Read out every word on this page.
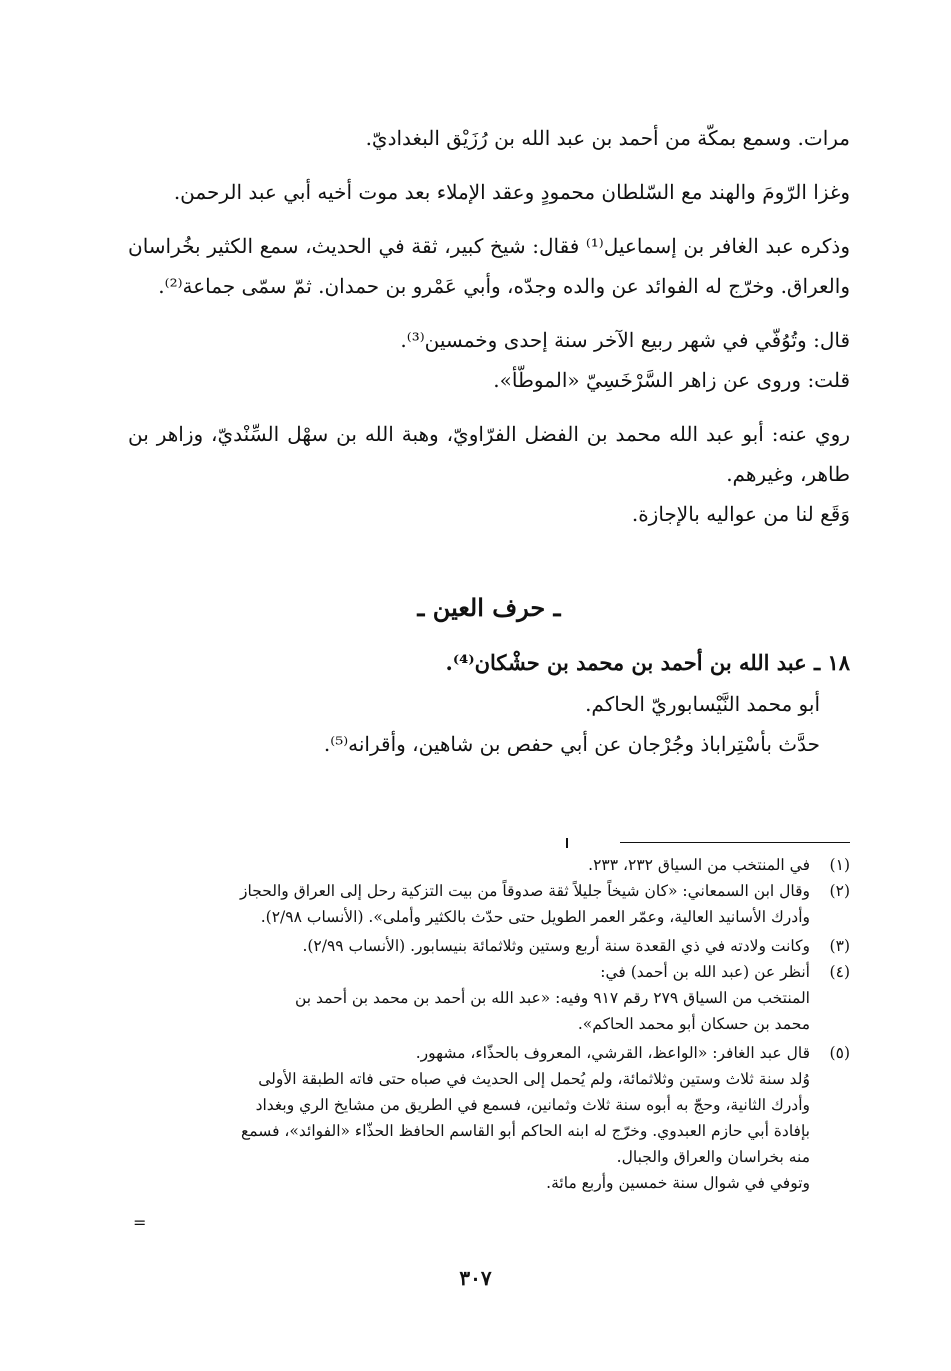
مرات. وسمع بمكّة من أحمد بن عبد الله بن رُزَيْق البغداديّ.

وغزا الرّومَ والهند مع السّلطان محمودٍ وعقد الإملاء بعد موت أخيه أبي عبد الرحمن.

وذكره عبد الغافر بن إسماعيل⁽¹⁾ فقال: شيخ كبير، ثقة في الحديث، سمع الكثير بخُراسان والعراق. وخرّج له الفوائد عن والده وجدّه، وأبي عَمْرو بن حمدان. ثمّ سمّى جماعة⁽²⁾.

قال: وتُوُفّي في شهر ربيع الآخر سنة إحدى وخمسين⁽³⁾.

قلت: وروى عن زاهر السَّرْخَسِيّ «الموطّأ».

روي عنه: أبو عبد الله محمد بن الفضل الفرّاويّ، وهبة الله بن سهْل السِّنْديّ، وزاهر بن طاهر، وغيرهم.

وَقَع لنا من عواليه بالإجازة.

ـ حرف العين ـ

١٨ ـ عبد الله بن أحمد بن محمد بن حشْكان⁽⁴⁾.

أبو محمد النَّيْسابوريّ الحاكم.

حدَّث بأسْتِراباذ وجُرْجان عن أبي حفص بن شاهين، وأقرانه⁽⁵⁾.

(١)
في المنتخب من السياق ٢٣٢، ٢٣٣.
(٢)
وقال ابن السمعاني: «كان شيخاً جليلاً ثقة صدوقاً من بيت التزكية رحل إلى العراق والحجاز
وأدرك الأسانيد العالية، وعمّر العمر الطويل حتى حدّث بالكثير وأملى». (الأنساب ٢/٩٨).
(٣)
وكانت ولادته في ذي القعدة سنة أربع وستين وثلاثمائة بنيسابور. (الأنساب ٢/٩٩).
(٤)
أنظر عن (عبد الله بن أحمد) في:
المنتخب من السياق ٢٧٩ رقم ٩١٧ وفيه: «عبد الله بن أحمد بن محمد بن أحمد بن
محمد بن حسكان أبو محمد الحاكم».
(٥)
قال عبد الغافر: «الواعظ، القرشي، المعروف بالحذّاء، مشهور.
وُلد سنة ثلاث وستين وثلاثمائة، ولم يُحمل إلى الحديث في صباه حتى فاته الطبقة الأولى
وأدرك الثانية، وحجّ به أبوه سنة ثلاث وثمانين، فسمع في الطريق من مشايخ الري وبغداد
بإفادة أبي حازم العبدوي. وخرّج له ابنه الحاكم أبو القاسم الحافظ الحذّاء «الفوائد»، فسمع
منه بخراسان والعراق والجبال.
وتوفي في شوال سنة خمسين وأربع مائة.
=
٣٠٧
